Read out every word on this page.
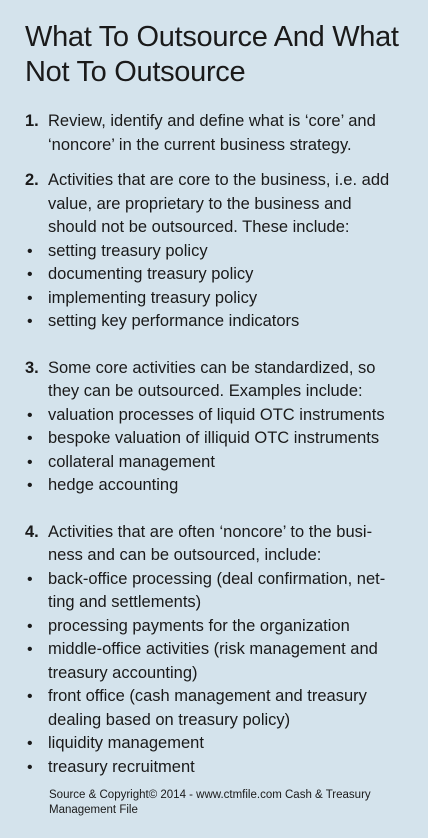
What To Outsource And What
Not To Outsource
1. Review, identify and define what is ‘core’ and
‘noncore’ in the current business strategy.
2. Activities that are core to the business, i.e. add
value, are proprietary to the business and
should not be outsourced. These include:
• setting treasury policy
• documenting treasury policy
• implementing treasury policy
• setting key performance indicators
3. Some core activities can be standardized, so
they can be outsourced. Examples include:
• valuation processes of liquid OTC instruments
• bespoke valuation of illiquid OTC instruments
• collateral management
• hedge accounting
4. Activities that are often ‘noncore’ to the busi-
ness and can be outsourced, include:
• back-office processing (deal confirmation, net-
ting and settlements)
• processing payments for the organization
• middle-office activities (risk management and
treasury accounting)
• front office (cash management and treasury
dealing based on treasury policy)
• liquidity management
• treasury recruitment
Source & Copyright© 2014 - www.ctmfile.com Cash & Treasury
Management File
